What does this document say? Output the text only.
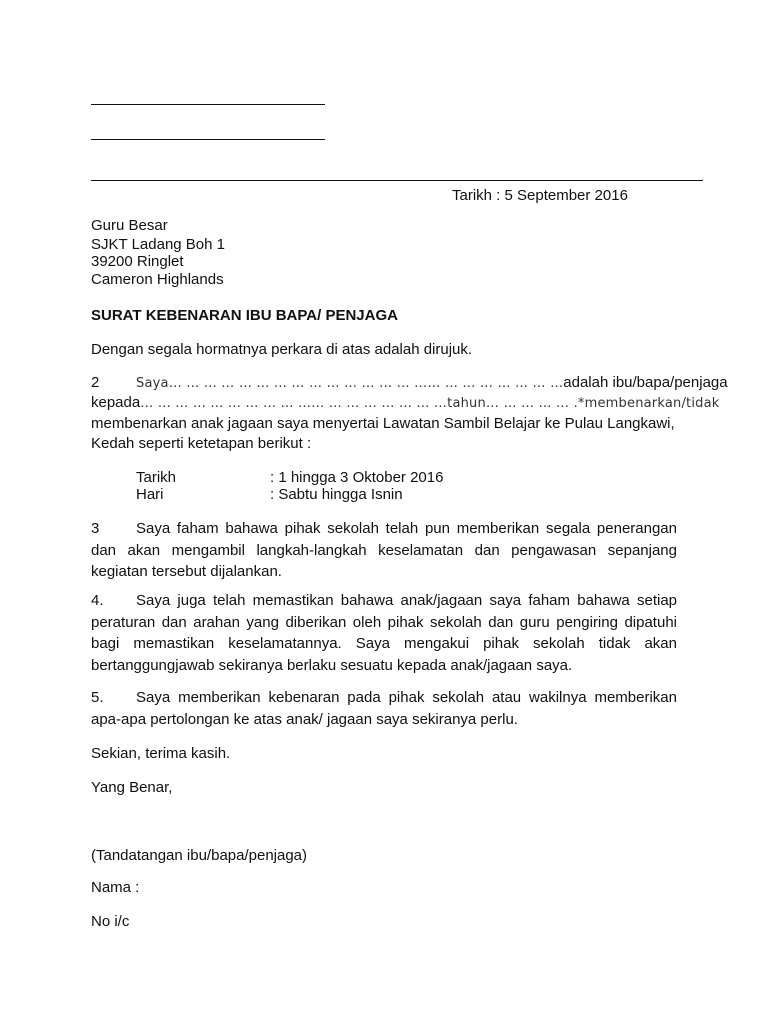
Tarikh : 5 September 2016
Guru Besar
SJKT Ladang Boh 1
39200 Ringlet
Cameron Highlands
SURAT KEBENARAN IBU BAPA/ PENJAGA
Dengan segala hormatnya perkara di atas adalah dirujuk.
2	Saya… … … … … … … … … … … … … … …… … … … … … … …adalah ibu/bapa/penjaga
kepada… … … … … … … … … …… … … … … … … …tahun… … … … … .*membenarkan/tidak
membenarkan anak jagaan saya menyertai Lawatan Sambil Belajar ke Pulau Langkawi,
Kedah seperti ketetapan berikut :
Tarikh	: 1 hingga 3 Oktober 2016
Hari	: Sabtu hingga Isnin
3 Saya faham bahawa pihak sekolah telah pun memberikan segala penerangan dan akan mengambil langkah-langkah keselamatan dan pengawasan sepanjang kegiatan tersebut dijalankan.
4. Saya juga telah memastikan bahawa anak/jagaan saya faham bahawa setiap peraturan dan arahan yang diberikan oleh pihak sekolah dan guru pengiring dipatuhi bagi memastikan keselamatannya. Saya mengakui pihak sekolah tidak akan bertanggungjawab sekiranya berlaku sesuatu kepada anak/jagaan saya.
5. Saya memberikan kebenaran pada pihak sekolah atau wakilnya memberikan apa-apa pertolongan ke atas anak/ jagaan saya sekiranya perlu.
Sekian, terima kasih.
Yang Benar,
(Tandatangan ibu/bapa/penjaga)
Nama :
No i/c
